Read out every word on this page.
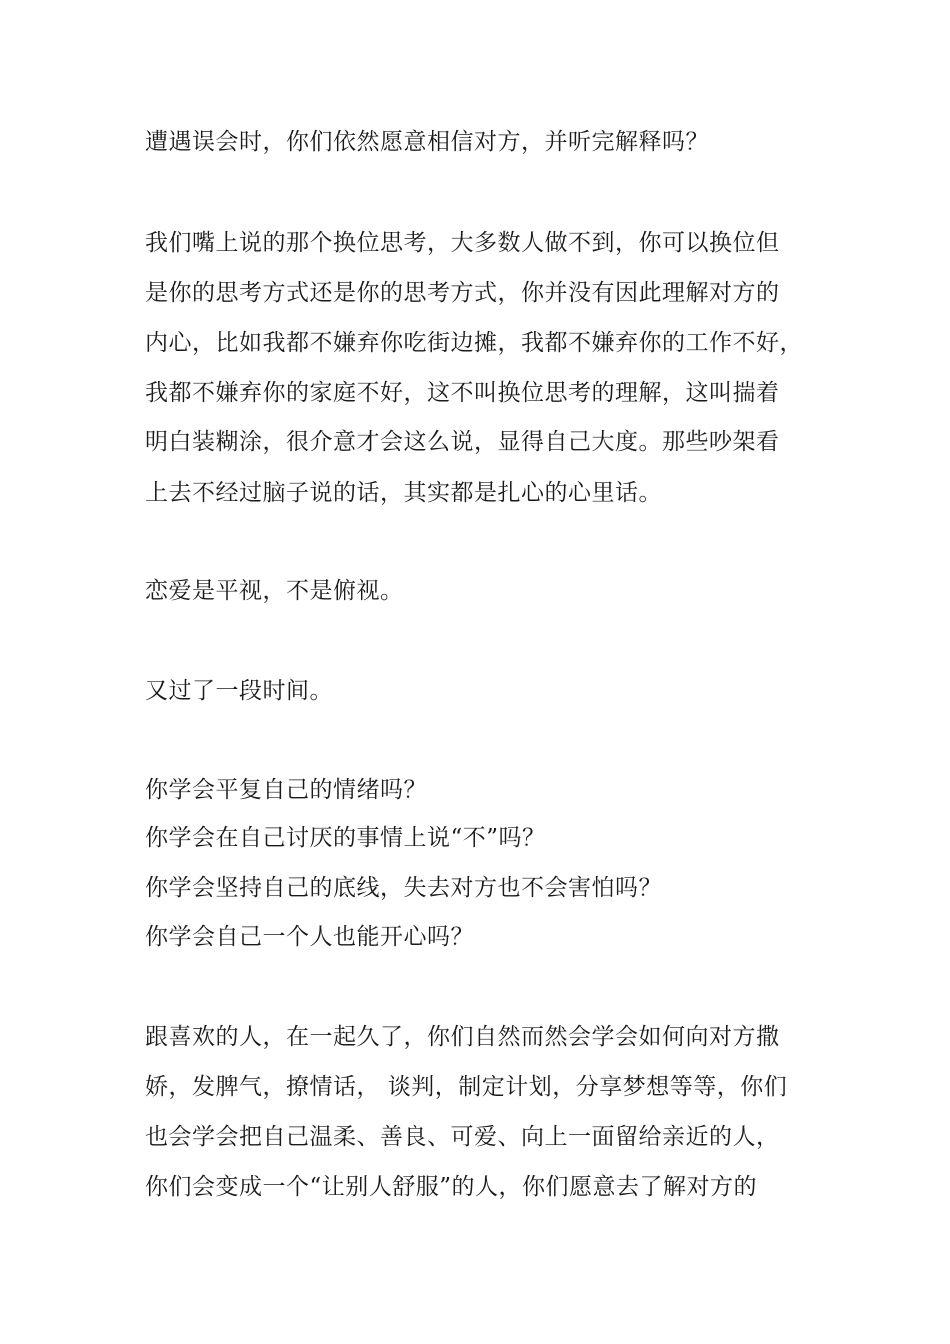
遭遇误会时，你们依然愿意相信对方，并听完解释吗？

我们嘴上说的那个换位思考，大多数人做不到，你可以换位但

是你的思考方式还是你的思考方式，你并没有因此理解对方的

内心，比如我都不嫌弃你吃街边摊，我都不嫌弃你的工作不好，

我都不嫌弃你的家庭不好，这不叫换位思考的理解，这叫揣着

明白装糊涂，很介意才会这么说，显得自己大度。那些吵架看

上去不经过脑子说的话，其实都是扎心的心里话。

恋爱是平视，不是俯视。

又过了一段时间。

你学会平复自己的情绪吗？

你学会在自己讨厌的事情上说“不”吗？

你学会坚持自己的底线，失去对方也不会害怕吗？

你学会自己一个人也能开心吗？

跟喜欢的人，在一起久了，你们自然而然会学会如何向对方撒

娇，发脾气，撩情话， 谈判，制定计划，分享梦想等等，你们

也会学会把自己温柔、善良、可爱、向上一面留给亲近的人，

你们会变成一个“让别人舒服”的人，你们愿意去了解对方的
